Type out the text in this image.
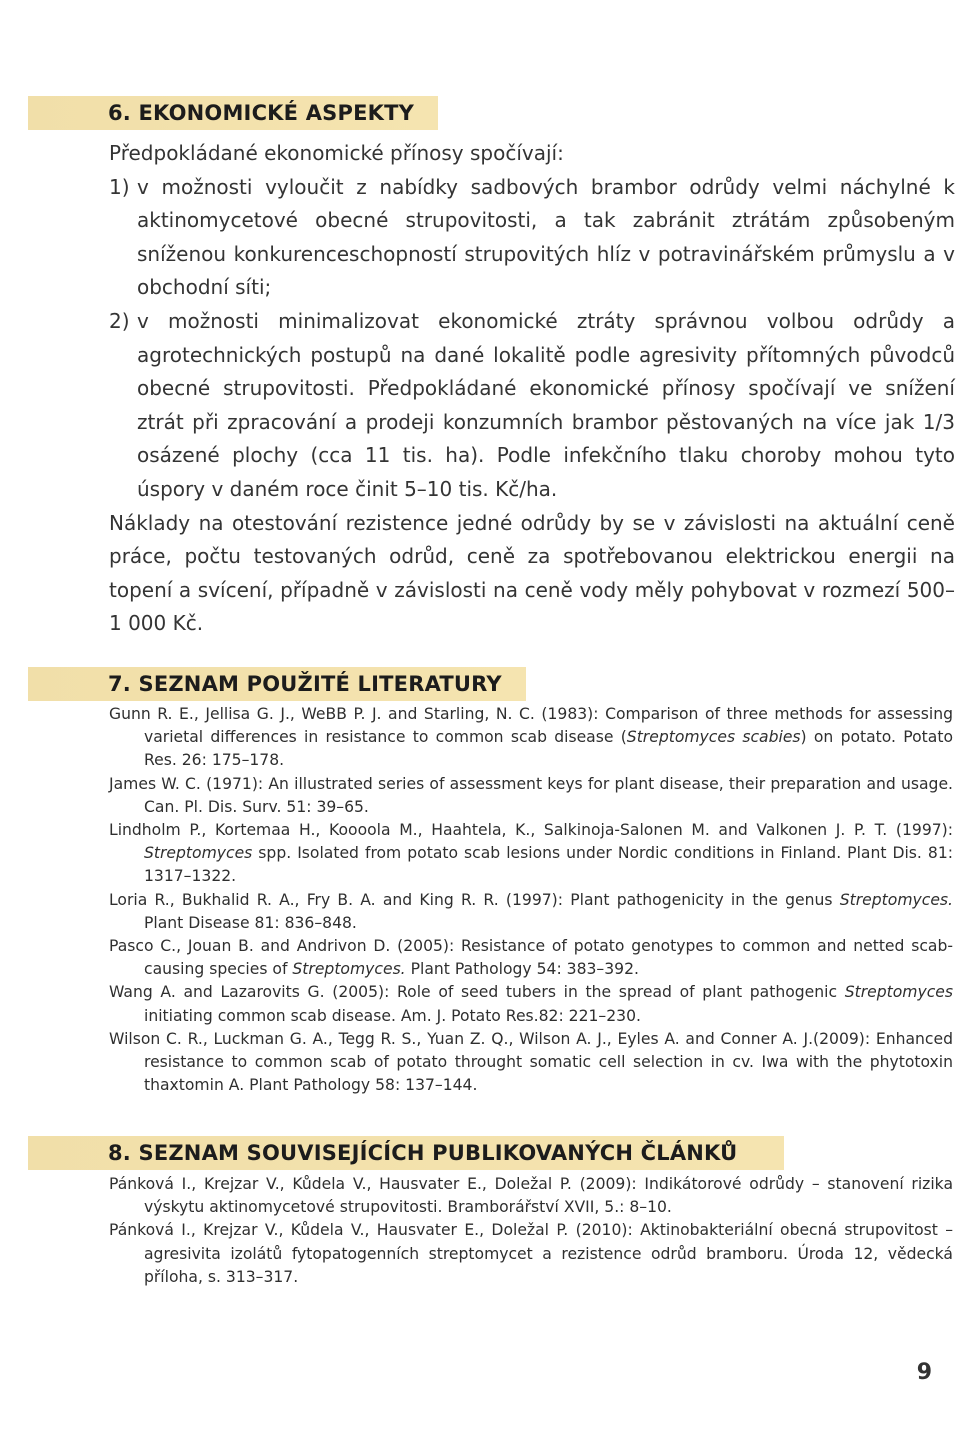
6. EKONOMICKÉ ASPEKTY

Předpokládané ekonomické přínosy spočívají:

1) v možnosti vyloučit z nabídky sadbových brambor odrůdy velmi náchylné k aktinomycetové obecné strupovitosti, a tak zabránit ztrátám způsobeným sníženou konkurenceschopností strupovitých hlíz v potravinářském průmyslu a v obchodní síti;
2) v možnosti minimalizovat ekonomické ztráty správnou volbou odrůdy a agrotechnických postupů na dané lokalitě podle agresivity přítomných původců obecné strupovitosti. Předpokládané ekonomické přínosy spočívají ve snížení ztrát při zpracování a prodeji konzumních brambor pěstovaných na více jak 1/3 osázené plochy (cca 11 tis. ha). Podle infekčního tlaku choroby mohou tyto úspory v daném roce činit 5–10 tis. Kč/ha.

Náklady na otestování rezistence jedné odrůdy by se v závislosti na aktuální ceně práce, počtu testovaných odrůd, ceně za spotřebovanou elektrickou energii na topení a svícení, případně v závislosti na ceně vody měly pohybovat v rozmezí 500–1 000 Kč.

7. SEZNAM POUŽITÉ LITERATURY

Gunn R. E., Jellisa G. J., WeBB P. J. and Starling, N. C. (1983): Comparison of three methods for assessing varietal differences in resistance to common scab disease (Streptomyces scabies) on potato. Potato Res. 26: 175–178.

James W. C. (1971): An illustrated series of assessment keys for plant disease, their preparation and usage. Can. Pl. Dis. Surv. 51: 39–65.

Lindholm P., Kortemaa H., Koooola M., Haahtela, K., Salkinoja-Salonen M. and Valkonen J. P. T. (1997): Streptomyces spp. Isolated from potato scab lesions under Nordic conditions in Finland. Plant Dis. 81: 1317–1322.

Loria R., Bukhalid R. A., Fry B. A. and King R. R. (1997): Plant pathogenicity in the genus Streptomyces. Plant Disease 81: 836–848.

Pasco C., Jouan B. and Andrivon D. (2005): Resistance of potato genotypes to common and netted scab-causing species of Streptomyces. Plant Pathology 54: 383–392.

Wang A. and Lazarovits G. (2005): Role of seed tubers in the spread of plant pathogenic Streptomyces initiating common scab disease. Am. J. Potato Res.82: 221–230.

Wilson C. R., Luckman G. A., Tegg R. S., Yuan Z. Q., Wilson A. J., Eyles A. and Conner A. J.(2009): Enhanced resistance to common scab of potato throught somatic cell selection in cv. Iwa with the phytotoxin thaxtomin A. Plant Pathology 58: 137–144.

8. SEZNAM SOUVISEJÍCÍCH PUBLIKOVANÝCH ČLÁNKŮ

Pánková I., Krejzar V., Kůdela V., Hausvater E., Doležal P. (2009): Indikátorové odrůdy – stanovení rizika výskytu aktinomycetové strupovitosti. Bramborářství XVII, 5.: 8–10.

Pánková I., Krejzar V., Kůdela V., Hausvater E., Doležal P. (2010): Aktinobakteriální obecná strupovitost – agresivita izolátů fytopatogenních streptomycet a rezistence odrůd bramboru. Úroda 12, vědecká příloha, s. 313–317.

9
